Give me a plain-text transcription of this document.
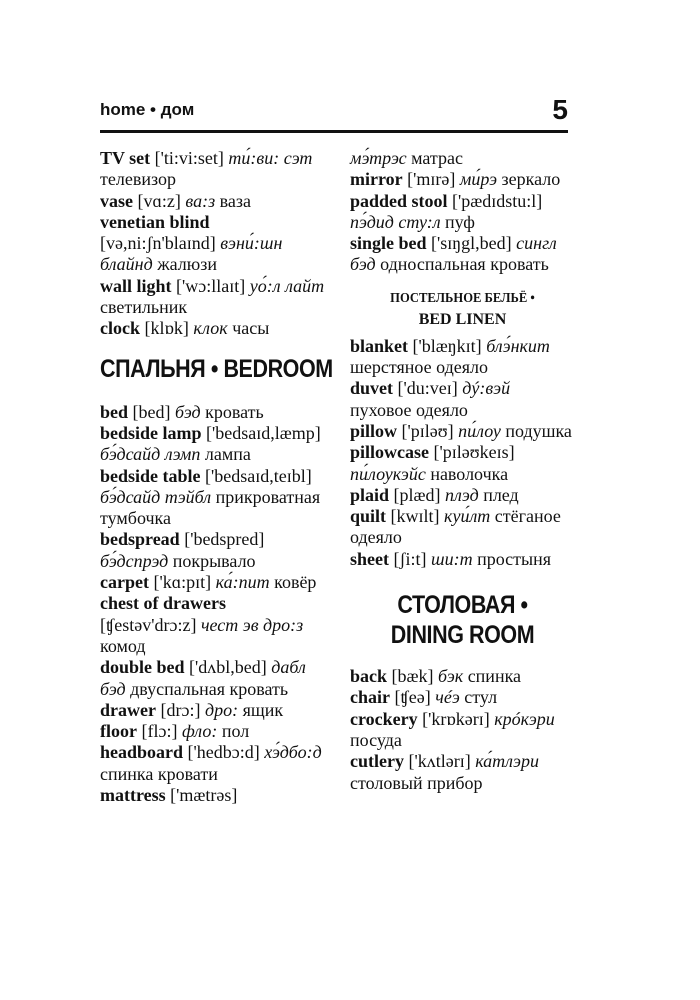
home • дом	5
TV set ['ti:vi:set] ти́:ви: сэт телевизор
vase [vɑ:z] ва:з ваза
venetian blind [və,ni:ʃn'blaɪnd] вэни́:шн блайнд жалюзи
wall light ['wɔ:llaɪt] уо́:л лайт светильник
clock [klɒk] клок часы
СПАЛЬНЯ • BEDROOM
bed [bed] бэд кровать
bedside lamp ['bedsaɪd,læmp] бэ́дсайд лэмп лампа
bedside table ['bedsaɪd,teɪbl] бэ́дсайд тэйбл прикроватная тумбочка
bedspread ['bedspred] бэ́дспрэд покрывало
carpet ['kɑ:pɪt] ка́:пит ковёр
chest of drawers [ʧestəv'drɔ:z] чест эв дро:з комод
double bed ['dʌbl,bed] дабл бэд двуспальная кровать
drawer [drɔ:] дро: ящик
floor [flɔ:] фло: пол
headboard ['hedbɔ:d] хэ́дбо:д спинка кровати
mattress ['mætrəs]
мэ́трэс матрас
mirror ['mɪrə] ми́рэ зеркало
padded stool ['pædɪdstu:l] пэ́дид сту:л пуф
single bed ['sɪŋgl,bed] сингл бэд односпальная кровать
ПОСТЕЛЬНОЕ БЕЛЬЁ •
BED LINEN
blanket ['blæŋkɪt] блэ́нкит шерстяное одеяло
duvet ['du:veɪ] дý:вэй пуховое одеяло
pillow ['pɪləʊ] пи́лоу подушка
pillowcase ['pɪləʊkeɪs] пи́лоукэйс наволочка
plaid [plæd] плэд плед
quilt [kwɪlt] куи́лт стёганое одеяло
sheet [ʃi:t] ши:т простыня
СТОЛОВАЯ • DINING ROOM
back [bæk] бэк спинка
chair [ʧeə] чéэ стул
crockery ['krɒkərɪ] крóкэри посуда
cutlery ['kʌtlərɪ] ка́тлэри столовый прибор
